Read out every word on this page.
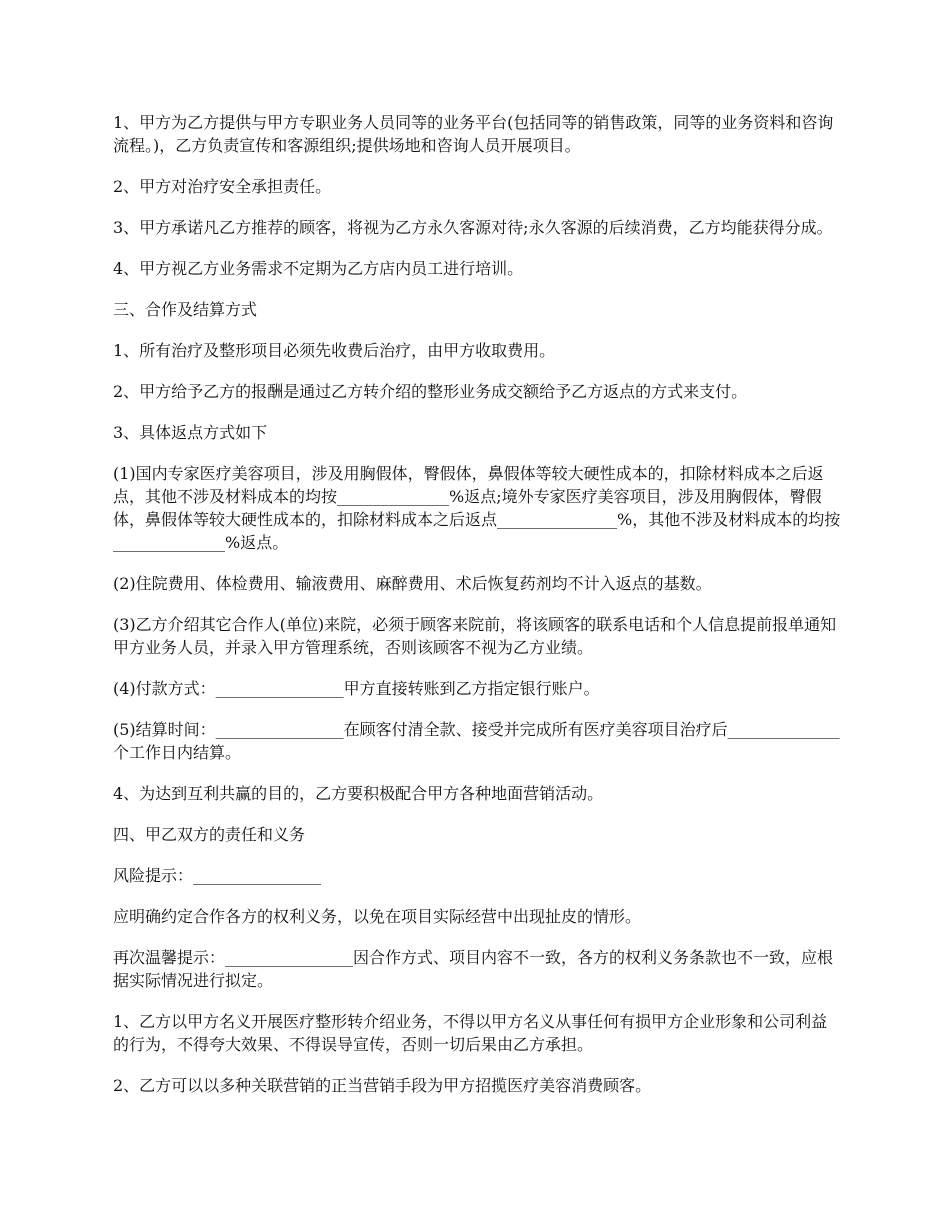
1、甲方为乙方提供与甲方专职业务人员同等的业务平台(包括同等的销售政策，同等的业务资料和咨询流程。)，乙方负责宣传和客源组织;提供场地和咨询人员开展项目。

2、甲方对治疗安全承担责任。

3、甲方承诺凡乙方推荐的顾客，将视为乙方永久客源对待;永久客源的后续消费，乙方均能获得分成。

4、甲方视乙方业务需求不定期为乙方店内员工进行培训。

三、合作及结算方式

1、所有治疗及整形项目必须先收费后治疗，由甲方收取费用。

2、甲方给予乙方的报酬是通过乙方转介绍的整形业务成交额给予乙方返点的方式来支付。

3、具体返点方式如下

(1)国内专家医疗美容项目，涉及用胸假体，臀假体，鼻假体等较大硬性成本的，扣除材料成本之后返点，其他不涉及材料成本的均按______________%返点;境外专家医疗美容项目，涉及用胸假体，臀假体，鼻假体等较大硬性成本的，扣除材料成本之后返点_______________%，其他不涉及材料成本的均按______________%返点。

(2)住院费用、体检费用、输液费用、麻醉费用、术后恢复药剂均不计入返点的基数。

(3)乙方介绍其它合作人(单位)来院，必须于顾客来院前，将该顾客的联系电话和个人信息提前报单通知甲方业务人员，并录入甲方管理系统，否则该顾客不视为乙方业绩。

(4)付款方式：________________甲方直接转账到乙方指定银行账户。

(5)结算时间：________________在顾客付清全款、接受并完成所有医疗美容项目治疗后______________个工作日内结算。

4、为达到互利共赢的目的，乙方要积极配合甲方各种地面营销活动。

四、甲乙双方的责任和义务

风险提示：________________

应明确约定合作各方的权利义务，以免在项目实际经营中出现扯皮的情形。

再次温馨提示：________________因合作方式、项目内容不一致，各方的权利义务条款也不一致，应根据实际情况进行拟定。

1、乙方以甲方名义开展医疗整形转介绍业务，不得以甲方名义从事任何有损甲方企业形象和公司利益的行为，不得夸大效果、不得误导宣传，否则一切后果由乙方承担。

2、乙方可以以多种关联营销的正当营销手段为甲方招揽医疗美容消费顾客。
